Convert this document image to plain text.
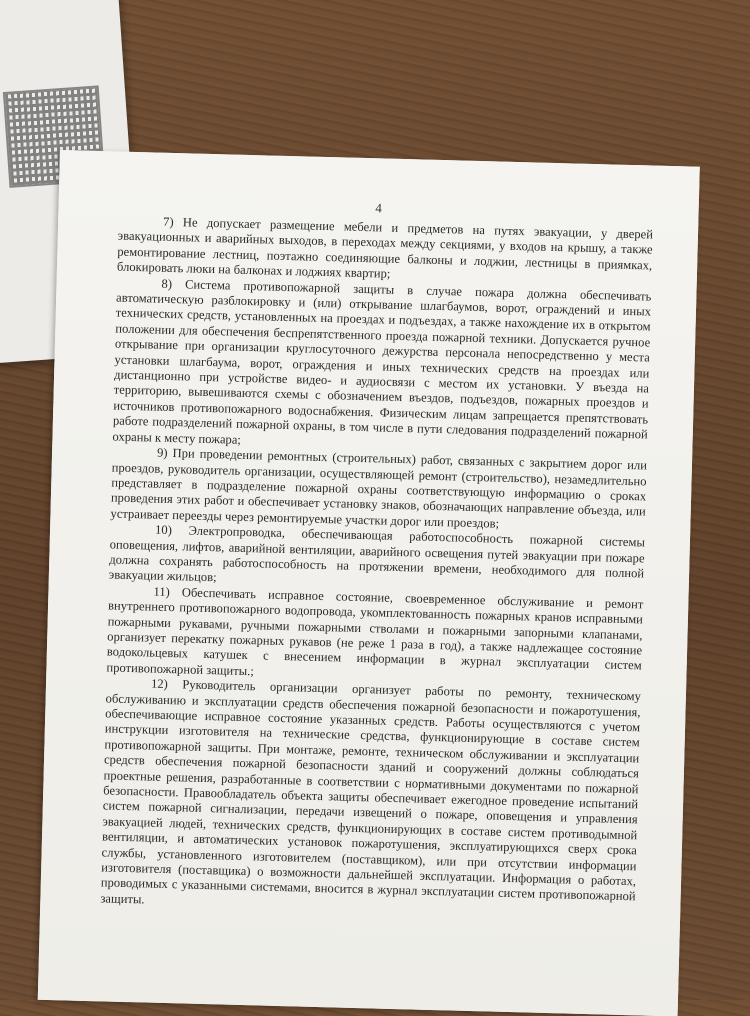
4

7) Не допускает размещение мебели и предметов на путях эвакуации, у дверей эвакуационных и аварийных выходов, в переходах между секциями, у входов на крышу, а также ремонтирование лестниц, поэтажно соединяющие балконы и лоджии, лестницы в приямках, блокировать люки на балконах и лоджиях квартир;

8) Система противопожарной защиты в случае пожара должна обеспечивать автоматическую разблокировку и (или) открывание шлагбаумов, ворот, ограждений и иных технических средств, установленных на проездах и подъездах, а также нахождение их в открытом положении для обеспечения беспрепятственного проезда пожарной техники. Допускается ручное открывание при организации круглосуточного дежурства персонала непосредственно у места установки шлагбаума, ворот, ограждения и иных технических средств на проездах или дистанционно при устройстве видео- и аудиосвязи с местом их установки. У въезда на территорию, вывешиваются схемы с обозначением въездов, подъездов, пожарных проездов и источников противопожарного водоснабжения. Физическим лицам запрещается препятствовать работе подразделений пожарной охраны, в том числе в пути следования подразделений пожарной охраны к месту пожара;

9) При проведении ремонтных (строительных) работ, связанных с закрытием дорог или проездов, руководитель организации, осуществляющей ремонт (строительство), незамедлительно представляет в подразделение пожарной охраны соответствующую информацию о сроках проведения этих работ и обеспечивает установку знаков, обозначающих направление объезда, или устраивает переезды через ремонтируемые участки дорог или проездов;

10) Электропроводка, обеспечивающая работоспособность пожарной системы оповещения, лифтов, аварийной вентиляции, аварийного освещения путей эвакуации при пожаре должна сохранять работоспособность на протяжении времени, необходимого для полной эвакуации жильцов;

11) Обеспечивать исправное состояние, своевременное обслуживание и ремонт внутреннего противопожарного водопровода, укомплектованность пожарных кранов исправными пожарными рукавами, ручными пожарными стволами и пожарными запорными клапанами, организует перекатку пожарных рукавов (не реже 1 раза в год), а также надлежащее состояние водокольцевых катушек с внесением информации в журнал эксплуатации систем противопожарной защиты.;

12) Руководитель организации организует работы по ремонту, техническому обслуживанию и эксплуатации средств обеспечения пожарной безопасности и пожаротушения, обеспечивающие исправное состояние указанных средств. Работы осуществляются с учетом инструкции изготовителя на технические средства, функционирующие в составе систем противопожарной защиты. При монтаже, ремонте, техническом обслуживании и эксплуатации средств обеспечения пожарной безопасности зданий и сооружений должны соблюдаться проектные решения, разработанные в соответствии с нормативными документами по пожарной безопасности. Правообладатель объекта защиты обеспечивает ежегодное проведение испытаний систем пожарной сигнализации, передачи извещений о пожаре, оповещения и управления эвакуацией людей, технических средств, функционирующих в составе систем противодымной вентиляции, и автоматических установок пожаротушения, эксплуатирующихся сверх срока службы, установленного изготовителем (поставщиком), или при отсутствии информации изготовителя (поставщика) о возможности дальнейшей эксплуатации. Информация о работах, проводимых с указанными системами, вносится в журнал эксплуатации систем противопожарной защиты.
